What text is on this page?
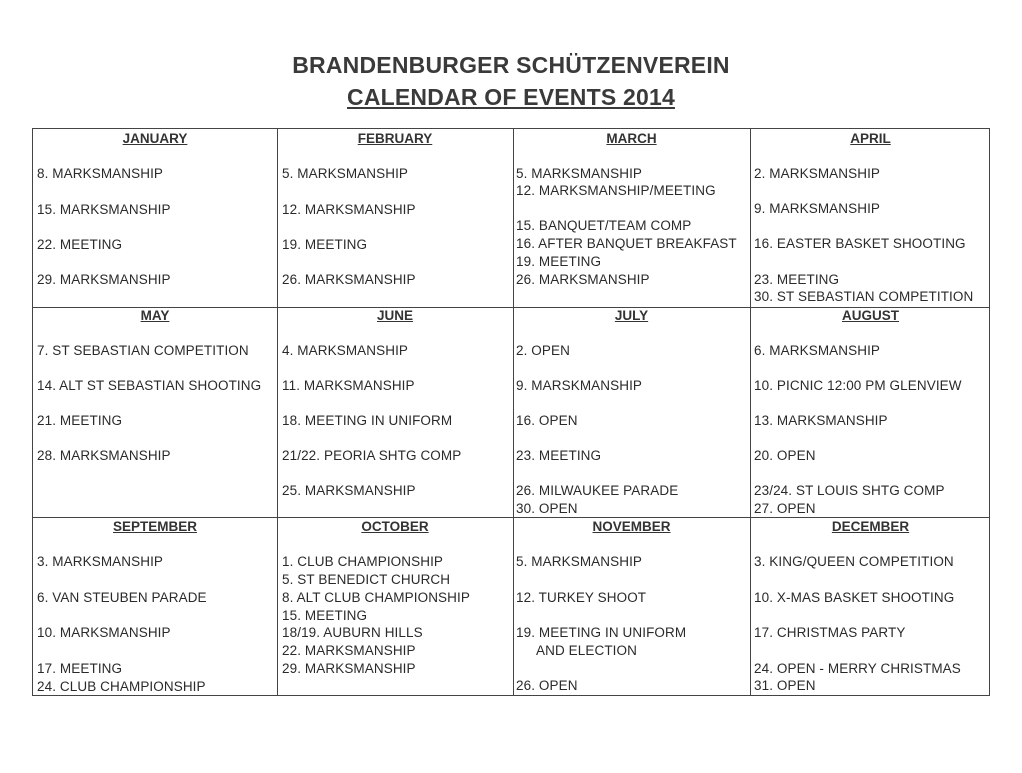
BRANDENBURGER SCHÜTZENVEREIN
CALENDAR OF EVENTS 2014
JANUARY
8. MARKSMANSHIP
15. MARKSMANSHIP
22. MEETING
29. MARKSMANSHIP
FEBRUARY
5. MARKSMANSHIP
12. MARKSMANSHIP
19. MEETING
26. MARKSMANSHIP
MARCH
5. MARKSMANSHIP
12. MARKSMANSHIP/MEETING
15. BANQUET/TEAM COMP
16. AFTER BANQUET BREAKFAST
19. MEETING
26. MARKSMANSHIP
APRIL
2. MARKSMANSHIP
9. MARKSMANSHIP
16. EASTER BASKET SHOOTING
23. MEETING
30. ST SEBASTIAN COMPETITION
MAY
7. ST SEBASTIAN COMPETITION
14. ALT ST SEBASTIAN SHOOTING
21. MEETING
28. MARKSMANSHIP
JUNE
4. MARKSMANSHIP
11. MARKSMANSHIP
18. MEETING IN UNIFORM
21/22. PEORIA SHTG COMP
25. MARKSMANSHIP
JULY
2. OPEN
9. MARSKMANSHIP
16. OPEN
23. MEETING
26. MILWAUKEE PARADE
30. OPEN
AUGUST
6. MARKSMANSHIP
10. PICNIC 12:00 PM GLENVIEW
13. MARKSMANSHIP
20. OPEN
23/24. ST LOUIS SHTG COMP
27. OPEN
SEPTEMBER
3. MARKSMANSHIP
6. VAN STEUBEN PARADE
10. MARKSMANSHIP
17. MEETING
24. CLUB CHAMPIONSHIP
OCTOBER
1. CLUB CHAMPIONSHIP
5. ST BENEDICT CHURCH
8. ALT CLUB CHAMPIONSHIP
15. MEETING
18/19. AUBURN HILLS
22. MARKSMANSHIP
29. MARKSMANSHIP
NOVEMBER
5. MARKSMANSHIP
12. TURKEY SHOOT
19. MEETING IN UNIFORM
AND ELECTION
26. OPEN
DECEMBER
3. KING/QUEEN COMPETITION
10. X-MAS BASKET SHOOTING
17. CHRISTMAS PARTY
24. OPEN - MERRY CHRISTMAS
31. OPEN
